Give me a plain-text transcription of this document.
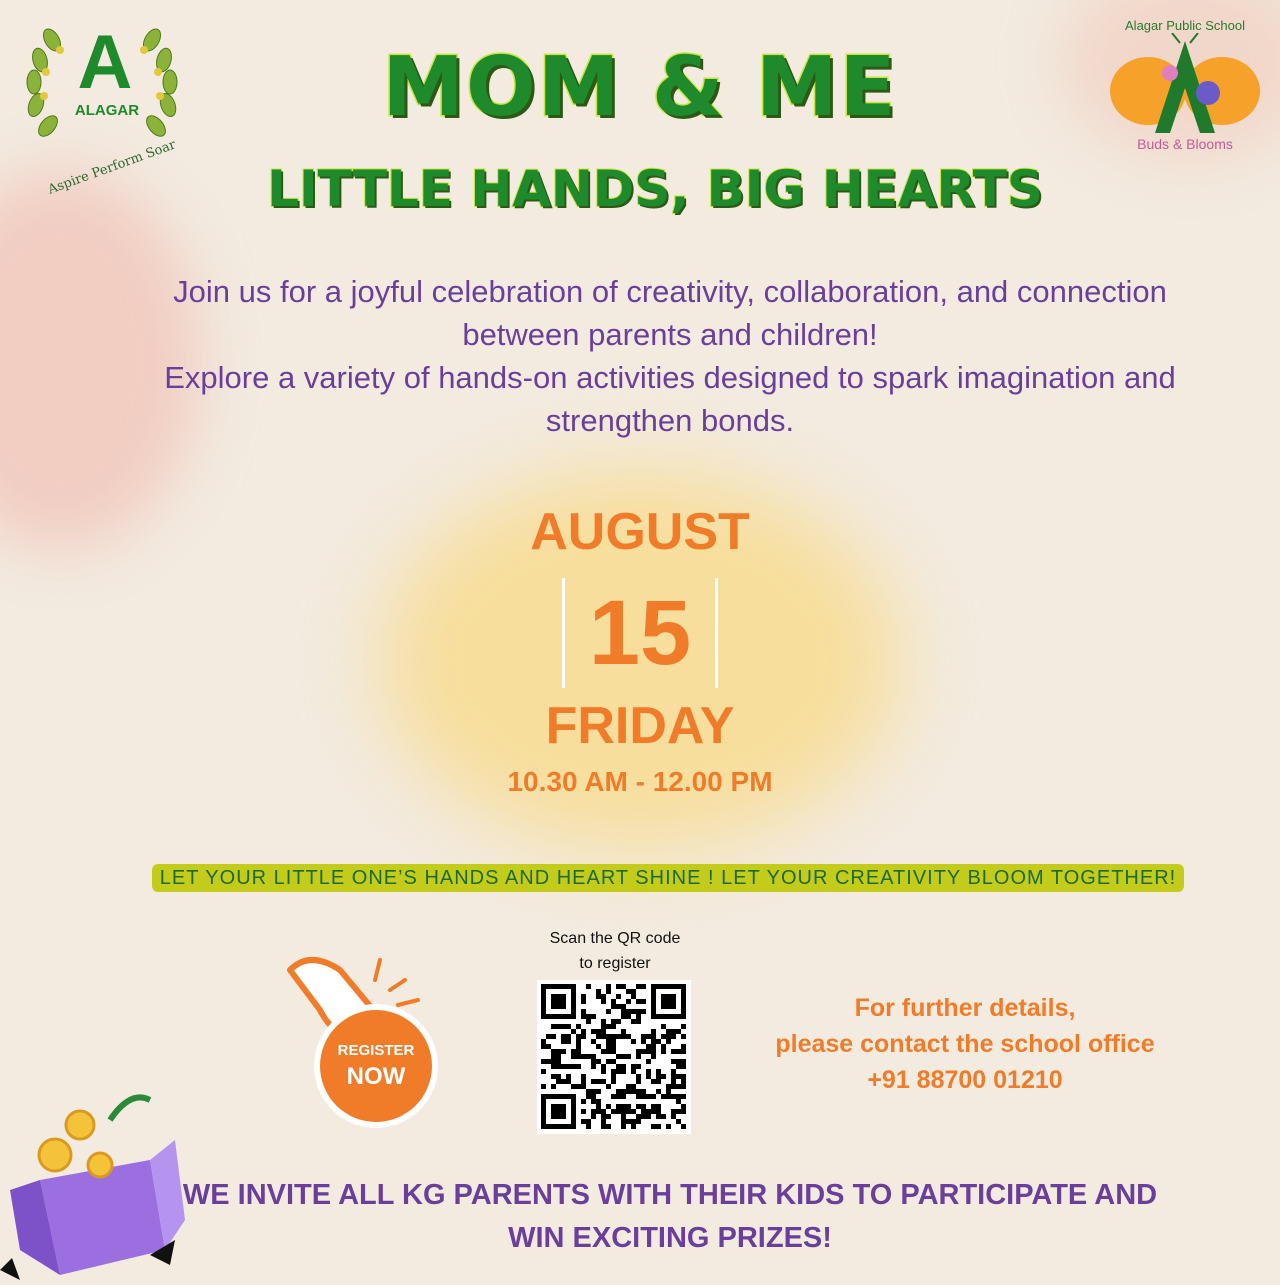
A
ALAGAR
Aspire Perform Soar
Alagar Public School
Buds & Blooms
MOM & ME
LITTLE HANDS, BIG HEARTS

Join us for a joyful celebration of creativity, collaboration, and connection between parents and children!

Explore a variety of hands-on activities designed to spark imagination and strengthen bonds.

AUGUST
15
FRIDAY
10.30 AM - 12.00 PM
LET YOUR LITTLE ONE’S HANDS AND HEART SHINE ! LET YOUR CREATIVITY BLOOM TOGETHER!
REGISTER
NOW
Scan the QR code
to register

For further details,

please contact the school office

+91 88700 01210

WE INVITE ALL KG PARENTS WITH THEIR KIDS TO PARTICIPATE AND

WIN EXCITING PRIZES!
